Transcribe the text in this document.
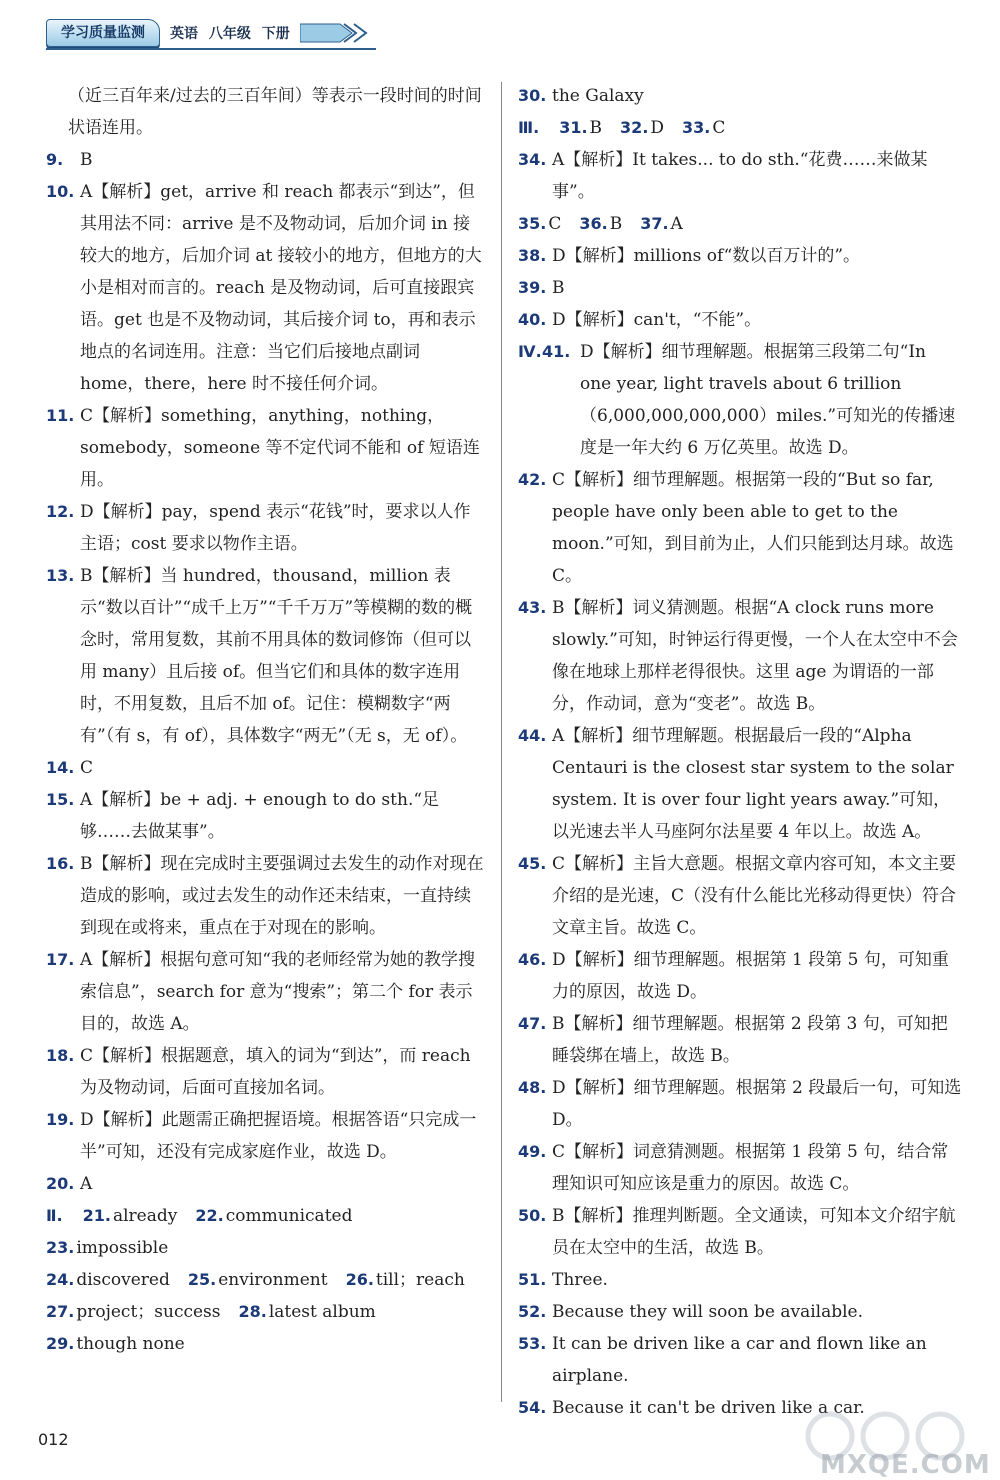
学习质量监测	英语 八年级 下册
（近三百年来/过去的三百年间）等表示一段时间的时间状语连用。
9. B
10. A【解析】get，arrive 和 reach 都表示“到达”，但其用法不同：arrive 是不及物动词，后加介词 in 接较大的地方，后加介词 at 接较小的地方，但地方的大小是相对而言的。reach 是及物动词，后可直接跟宾语。get 也是不及物动词，其后接介词 to，再和表示地点的名词连用。注意：当它们后接地点副词 home，there，here 时不接任何介词。
11. C【解析】something，anything，nothing，somebody，someone 等不定代词不能和 of 短语连用。
12. D【解析】pay，spend 表示“花钱”时，要求以人作主语；cost 要求以物作主语。
13. B【解析】当 hundred，thousand，million 表示“数以百计”“成千上万”“千千万万”等模糊的数的概念时，常用复数，其前不用具体的数词修饰（但可以用 many）且后接 of。但当它们和具体的数字连用时，不用复数，且后不加 of。记住：模糊数字“两有”（有 s，有 of），具体数字“两无”（无 s，无 of）。
14. C
15. A【解析】be + adj. + enough to do sth.“足够……去做某事”。
16. B【解析】现在完成时主要强调过去发生的动作对现在造成的影响，或过去发生的动作还未结束，一直持续到现在或将来，重点在于对现在的影响。
17. A【解析】根据句意可知“我的老师经常为她的教学搜索信息”，search for 意为“搜索”；第二个 for 表示目的，故选 A。
18. C【解析】根据题意，填入的词为“到达”，而 reach 为及物动词，后面可直接加名词。
19. D【解析】此题需正确把握语境。根据答语“只完成一半”可知，还没有完成家庭作业，故选 D。
20. A
Ⅱ. 21. already 22. communicated
23. impossible
24. discovered 25. environment 26. till；reach
27. project；success 28. latest album
29. though none
30. the Galaxy
Ⅲ. 31. B 32. D 33. C
34. A【解析】It takes... to do sth.“花费……来做某事”。
35. C 36. B 37. A
38. D【解析】millions of“数以百万计的”。
39. B
40. D【解析】can't，“不能”。
Ⅳ. 41. D【解析】细节理解题。根据第三段第二句“In one year, light travels about 6 trillion（6,000,000,000,000）miles.”可知光的传播速度是一年大约 6 万亿英里。故选 D。
42. C【解析】细节理解题。根据第一段的“But so far, people have only been able to get to the moon.”可知，到目前为止，人们只能到达月球。故选 C。
43. B【解析】词义猜测题。根据“A clock runs more slowly.”可知，时钟运行得更慢，一个人在太空中不会像在地球上那样老得很快。这里 age 为谓语的一部分，作动词，意为“变老”。故选 B。
44. A【解析】细节理解题。根据最后一段的“Alpha Centauri is the closest star system to the solar system. It is over four light years away.”可知，以光速去半人马座阿尔法星要 4 年以上。故选 A。
45. C【解析】主旨大意题。根据文章内容可知，本文主要介绍的是光速，C（没有什么能比光移动得更快）符合文章主旨。故选 C。
46. D【解析】细节理解题。根据第 1 段第 5 句，可知重力的原因，故选 D。
47. B【解析】细节理解题。根据第 2 段第 3 句，可知把睡袋绑在墙上，故选 B。
48. D【解析】细节理解题。根据第 2 段最后一句，可知选 D。
49. C【解析】词意猜测题。根据第 1 段第 5 句，结合常理知识可知应该是重力的原因。故选 C。
50. B【解析】推理判断题。全文通读，可知本文介绍宇航员在太空中的生活，故选 B。
51. Three.
52. Because they will soon be available.
53. It can be driven like a car and flown like an airplane.
54. Because it can't be driven like a car.
012
MXQE.COM
